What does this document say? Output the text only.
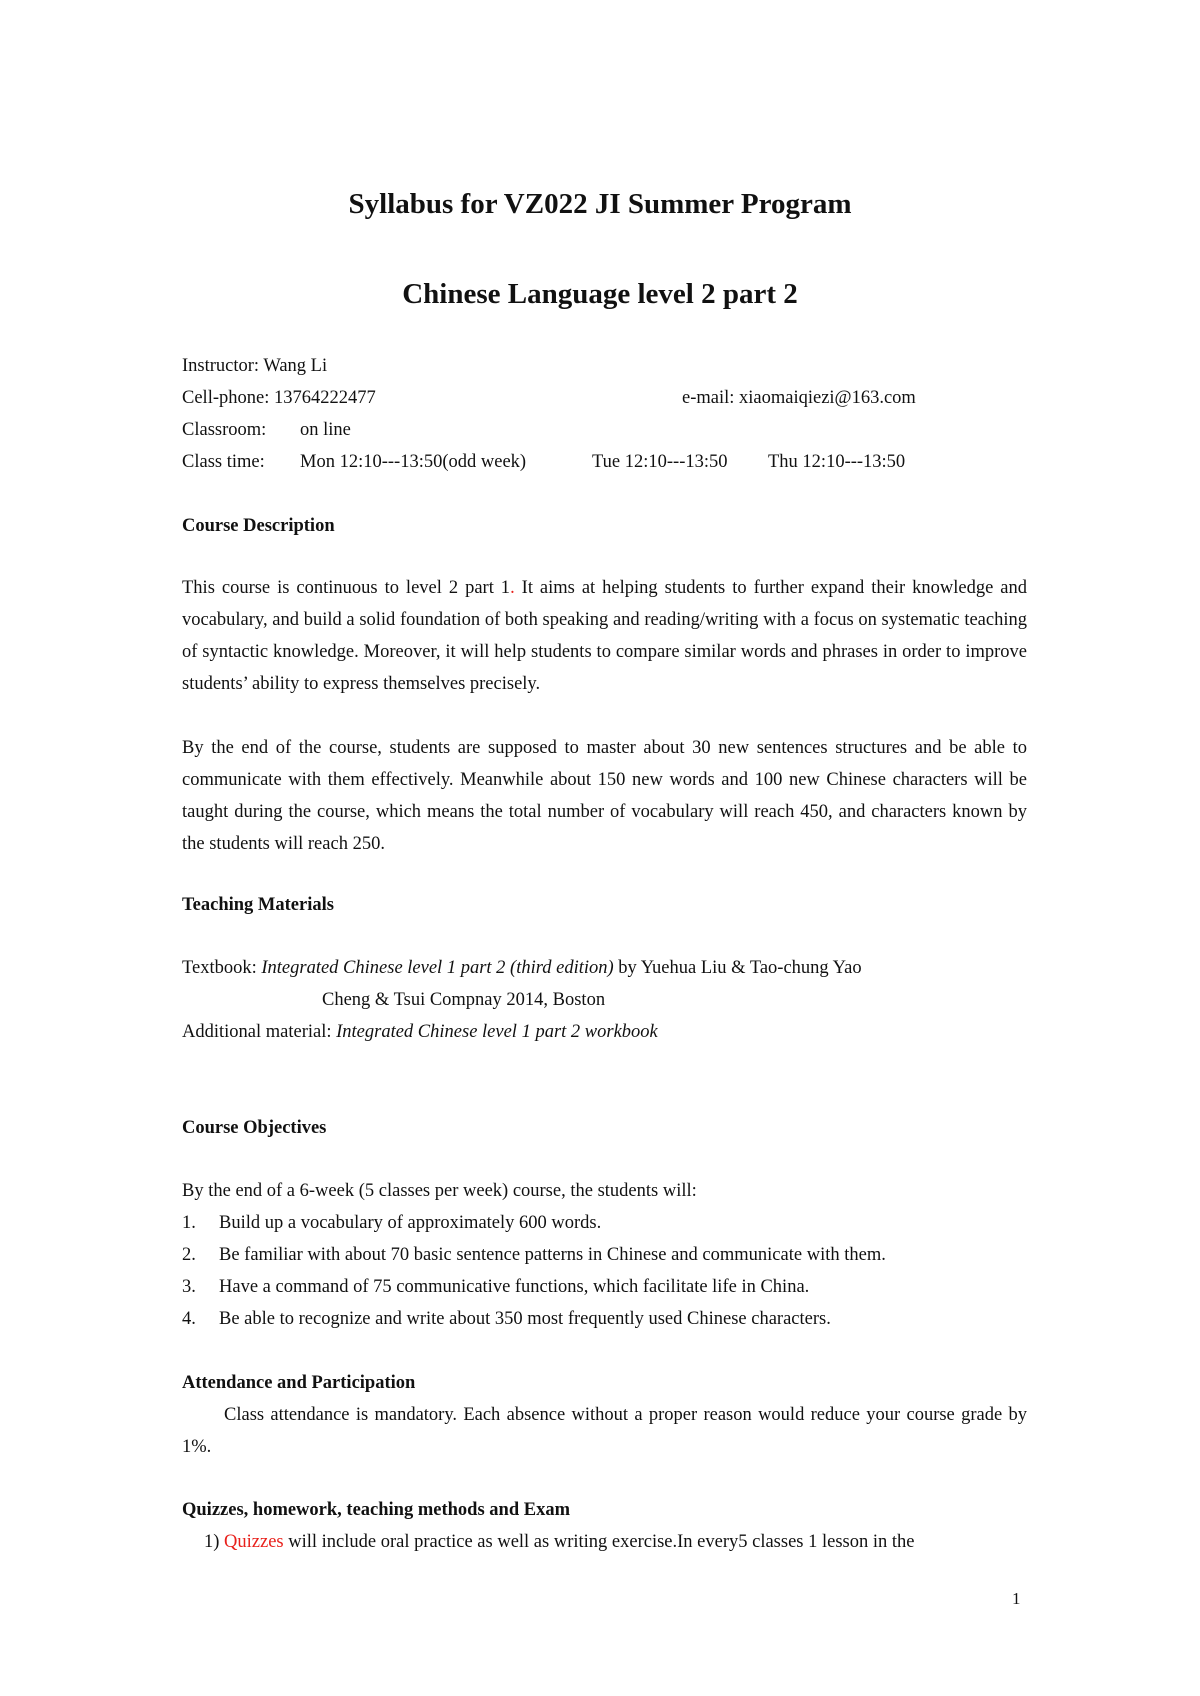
Syllabus for VZ022 JI Summer Program
Chinese Language level 2 part 2
Instructor: Wang Li
Cell-phone: 13764222477	e-mail: xiaomaiqiezi@163.com
Classroom: on line
Class time: Mon 12:10---13:50(odd week)	Tue 12:10---13:50 Thu 12:10---13:50
Course Description
This course is continuous to level 2 part 1. It aims at helping students to further expand their knowledge and vocabulary, and build a solid foundation of both speaking and reading/writing with a focus on systematic teaching of syntactic knowledge. Moreover, it will help students to compare similar words and phrases in order to improve students’ ability to express themselves precisely.
By the end of the course, students are supposed to master about 30 new sentences structures and be able to communicate with them effectively. Meanwhile about 150 new words and 100 new Chinese characters will be taught during the course, which means the total number of vocabulary will reach 450, and characters known by the students will reach 250.
Teaching Materials
Textbook: Integrated Chinese level 1 part 2 (third edition) by Yuehua Liu & Tao-chung Yao
Cheng & Tsui Compnay 2014, Boston
Additional material: Integrated Chinese level 1 part 2 workbook
Course Objectives
By the end of a 6-week (5 classes per week) course, the students will:
1. Build up a vocabulary of approximately 600 words.
2. Be familiar with about 70 basic sentence patterns in Chinese and communicate with them.
3. Have a command of 75 communicative functions, which facilitate life in China.
4. Be able to recognize and write about 350 most frequently used Chinese characters.
Attendance and Participation
Class attendance is mandatory. Each absence without a proper reason would reduce your course grade by 1%.
Quizzes, homework, teaching methods and Exam
1) Quizzes will include oral practice as well as writing exercise.In every5 classes 1 lesson in the
1
